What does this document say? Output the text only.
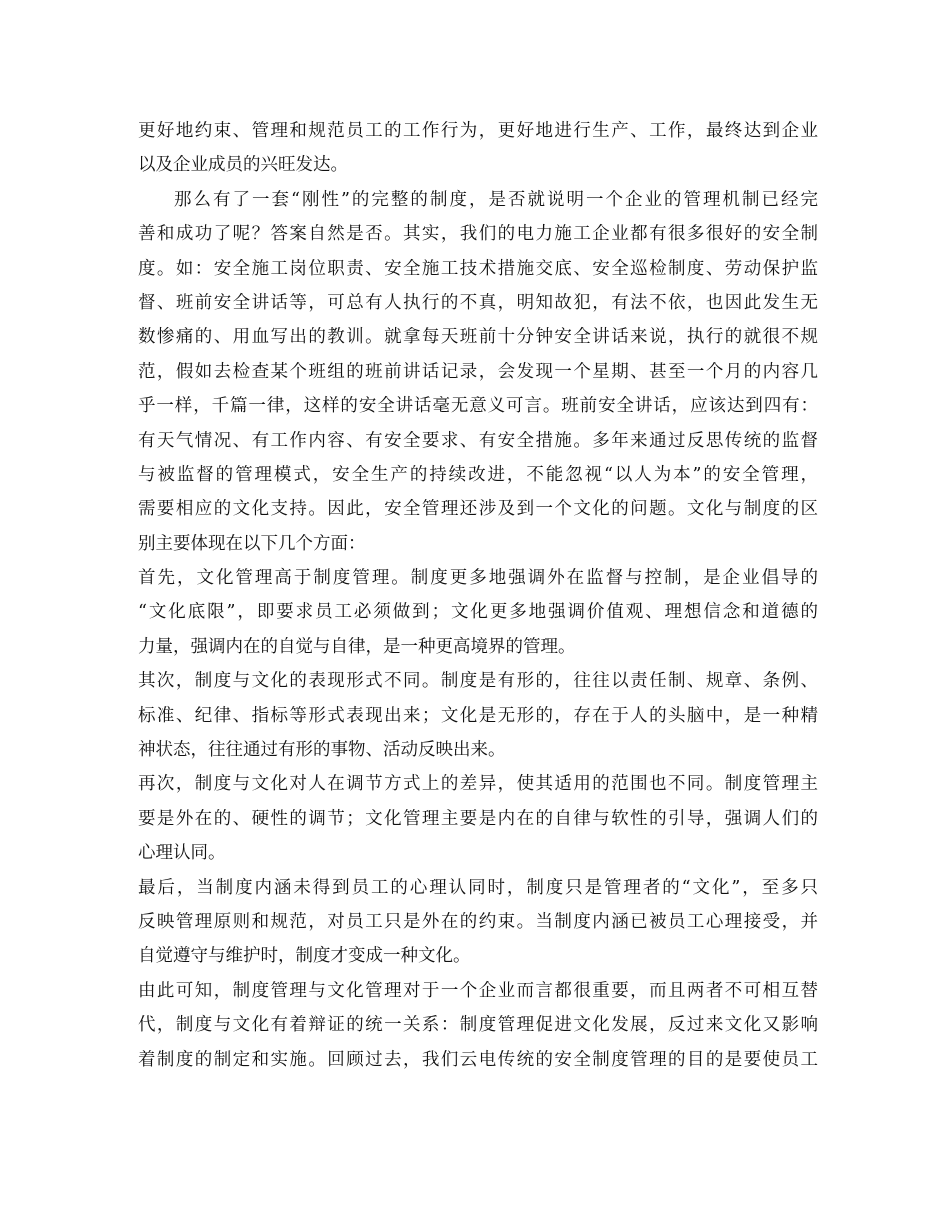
更好地约束、管理和规范员工的工作行为，更好地进行生产、工作，最终达到企业
以及企业成员的兴旺发达。
那么有了一套“刚性”的完整的制度，是否就说明一个企业的管理机制已经完
善和成功了呢？答案自然是否。其实，我们的电力施工企业都有很多很好的安全制
度。如：安全施工岗位职责、安全施工技术措施交底、安全巡检制度、劳动保护监
督、班前安全讲话等，可总有人执行的不真，明知故犯，有法不依，也因此发生无
数惨痛的、用血写出的教训。就拿每天班前十分钟安全讲话来说，执行的就很不规
范，假如去检查某个班组的班前讲话记录，会发现一个星期、甚至一个月的内容几
乎一样，千篇一律，这样的安全讲话毫无意义可言。班前安全讲话，应该达到四有：
有天气情况、有工作内容、有安全要求、有安全措施。多年来通过反思传统的监督
与被监督的管理模式，安全生产的持续改进，不能忽视“以人为本”的安全管理，
需要相应的文化支持。因此，安全管理还涉及到一个文化的问题。文化与制度的区
别主要体现在以下几个方面：
首先，文化管理高于制度管理。制度更多地强调外在监督与控制，是企业倡导的
“文化底限”，即要求员工必须做到；文化更多地强调价值观、理想信念和道德的
力量，强调内在的自觉与自律，是一种更高境界的管理。
其次，制度与文化的表现形式不同。制度是有形的，往往以责任制、规章、条例、
标准、纪律、指标等形式表现出来；文化是无形的，存在于人的头脑中，是一种精
神状态，往往通过有形的事物、活动反映出来。
再次，制度与文化对人在调节方式上的差异，使其适用的范围也不同。制度管理主
要是外在的、硬性的调节；文化管理主要是内在的自律与软性的引导，强调人们的
心理认同。
最后，当制度内涵未得到员工的心理认同时，制度只是管理者的“文化”，至多只
反映管理原则和规范，对员工只是外在的约束。当制度内涵已被员工心理接受，并
自觉遵守与维护时，制度才变成一种文化。
由此可知，制度管理与文化管理对于一个企业而言都很重要，而且两者不可相互替
代，制度与文化有着辩证的统一关系：制度管理促进文化发展，反过来文化又影响
着制度的制定和实施。回顾过去，我们云电传统的安全制度管理的目的是要使员工
